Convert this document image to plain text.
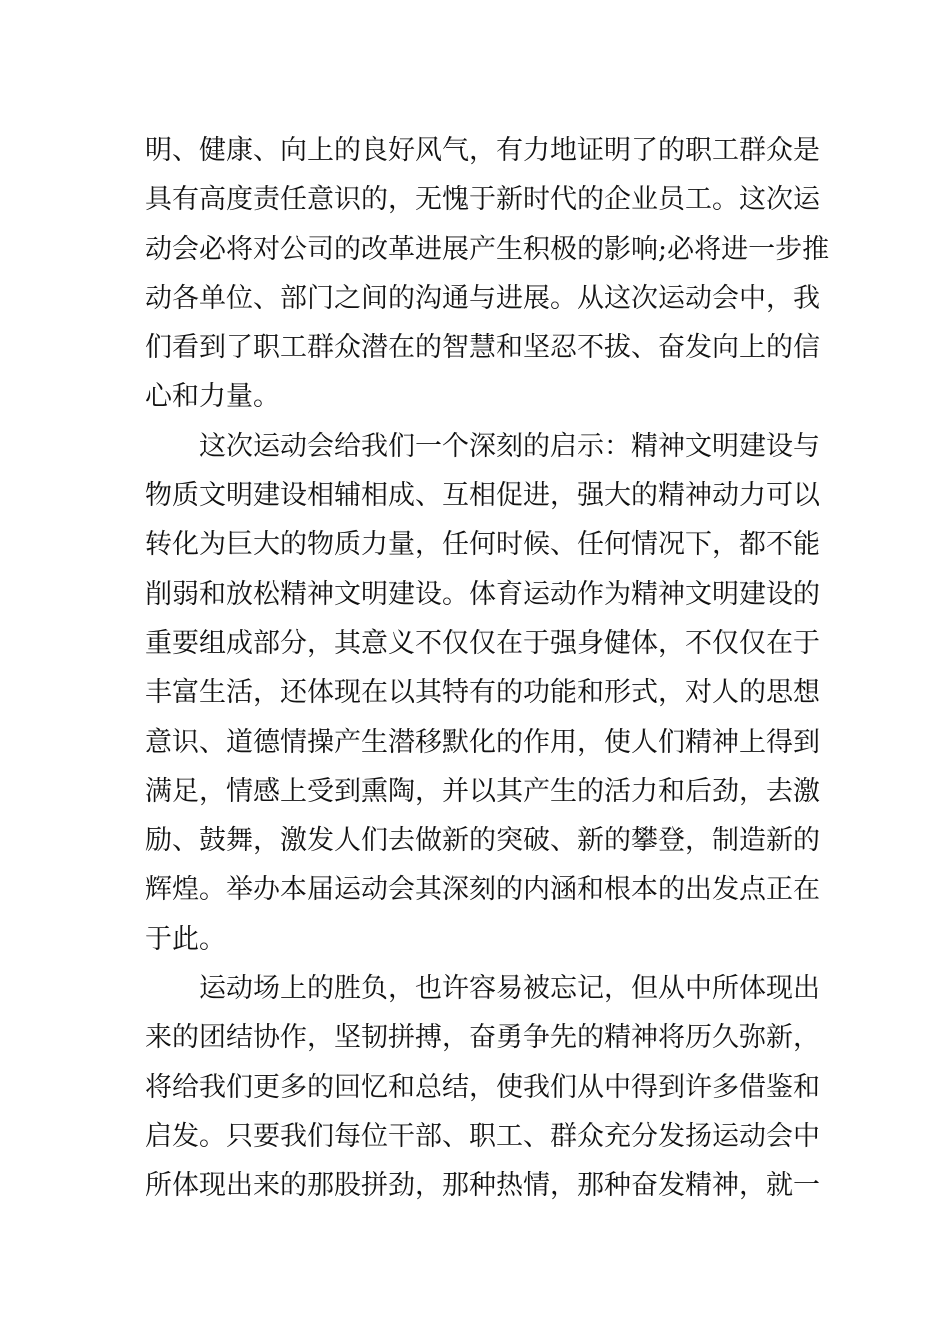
明、健康、向上的良好风气，有力地证明了的职工群众是
具有高度责任意识的，无愧于新时代的企业员工。这次运
动会必将对公司的改革进展产生积极的影响;必将进一步推
动各单位、部门之间的沟通与进展。从这次运动会中，我
们看到了职工群众潜在的智慧和坚忍不拔、奋发向上的信
心和力量。
这次运动会给我们一个深刻的启示：精神文明建设与
物质文明建设相辅相成、互相促进，强大的精神动力可以
转化为巨大的物质力量，任何时候、任何情况下，都不能
削弱和放松精神文明建设。体育运动作为精神文明建设的
重要组成部分，其意义不仅仅在于强身健体，不仅仅在于
丰富生活，还体现在以其特有的功能和形式，对人的思想
意识、道德情操产生潜移默化的作用，使人们精神上得到
满足，情感上受到熏陶，并以其产生的活力和后劲，去激
励、鼓舞，激发人们去做新的突破、新的攀登，制造新的
辉煌。举办本届运动会其深刻的内涵和根本的出发点正在
于此。
运动场上的胜负，也许容易被忘记，但从中所体现出
来的团结协作，坚韧拼搏，奋勇争先的精神将历久弥新，
将给我们更多的回忆和总结，使我们从中得到许多借鉴和
启发。只要我们每位干部、职工、群众充分发扬运动会中
所体现出来的那股拼劲，那种热情，那种奋发精神，就一
